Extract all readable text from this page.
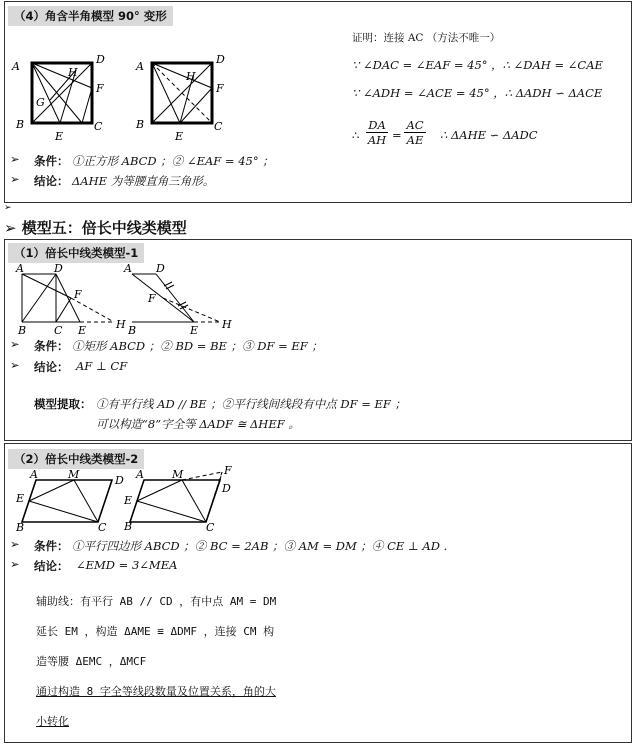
（4）角含半角模型 90° 变形
A
D
H
F
G
B
E
C
A
D
H
F
B
E
C
证明：连接 AC （方法不唯一）
∵ ∠DAC = ∠EAF = 45° ，∴ ∠DAH = ∠CAE
∵ ∠ADH = ∠ACE = 45° ，∴ ΔADH ∽ ΔACE
∴ $\frac{DA}{AH} = \frac{AC}{AE}$ ∴ ΔAHE ∽ ΔADC
➢ 条件： ①正方形 ABCD ；② ∠EAF = 45° ；
➢ 结论： ΔAHE 为等腰直角三角形。
➢
➢ 模型五：倍长中线类模型
（1）倍长中线类模型-1
A	D
F
B	C E	H
A D
F
B	E H
➢ 条件： ①矩形 ABCD ；② BD = BE ；③ DF = EF ；
➢ 结论： AF ⊥ CF
模型提取： ①有平行线 AD // BE ；②平行线间线段有中点 DF = EF ；
可以构造“8”字全等 ΔADF ≅ ΔHEF 。
（2）倍长中线类模型-2
A	M	D
E
B	C
A	M	F
D
E
B	C
➢ 条件： ①平行四边形 ABCD ；② BC = 2AB ；③ AM = DM ；④ CE ⊥ AD .
➢ 结论： ∠EMD = 3∠MEA
辅助线：有平行 AB // CD ，有中点 AM = DM
延长 EM ，构造 ΔAME ≌ ΔDMF ，连接 CM 构
造等腰 ΔEMC ，ΔMCF
通过构造 8 字全等线段数量及位置关系，角的大
小转化
